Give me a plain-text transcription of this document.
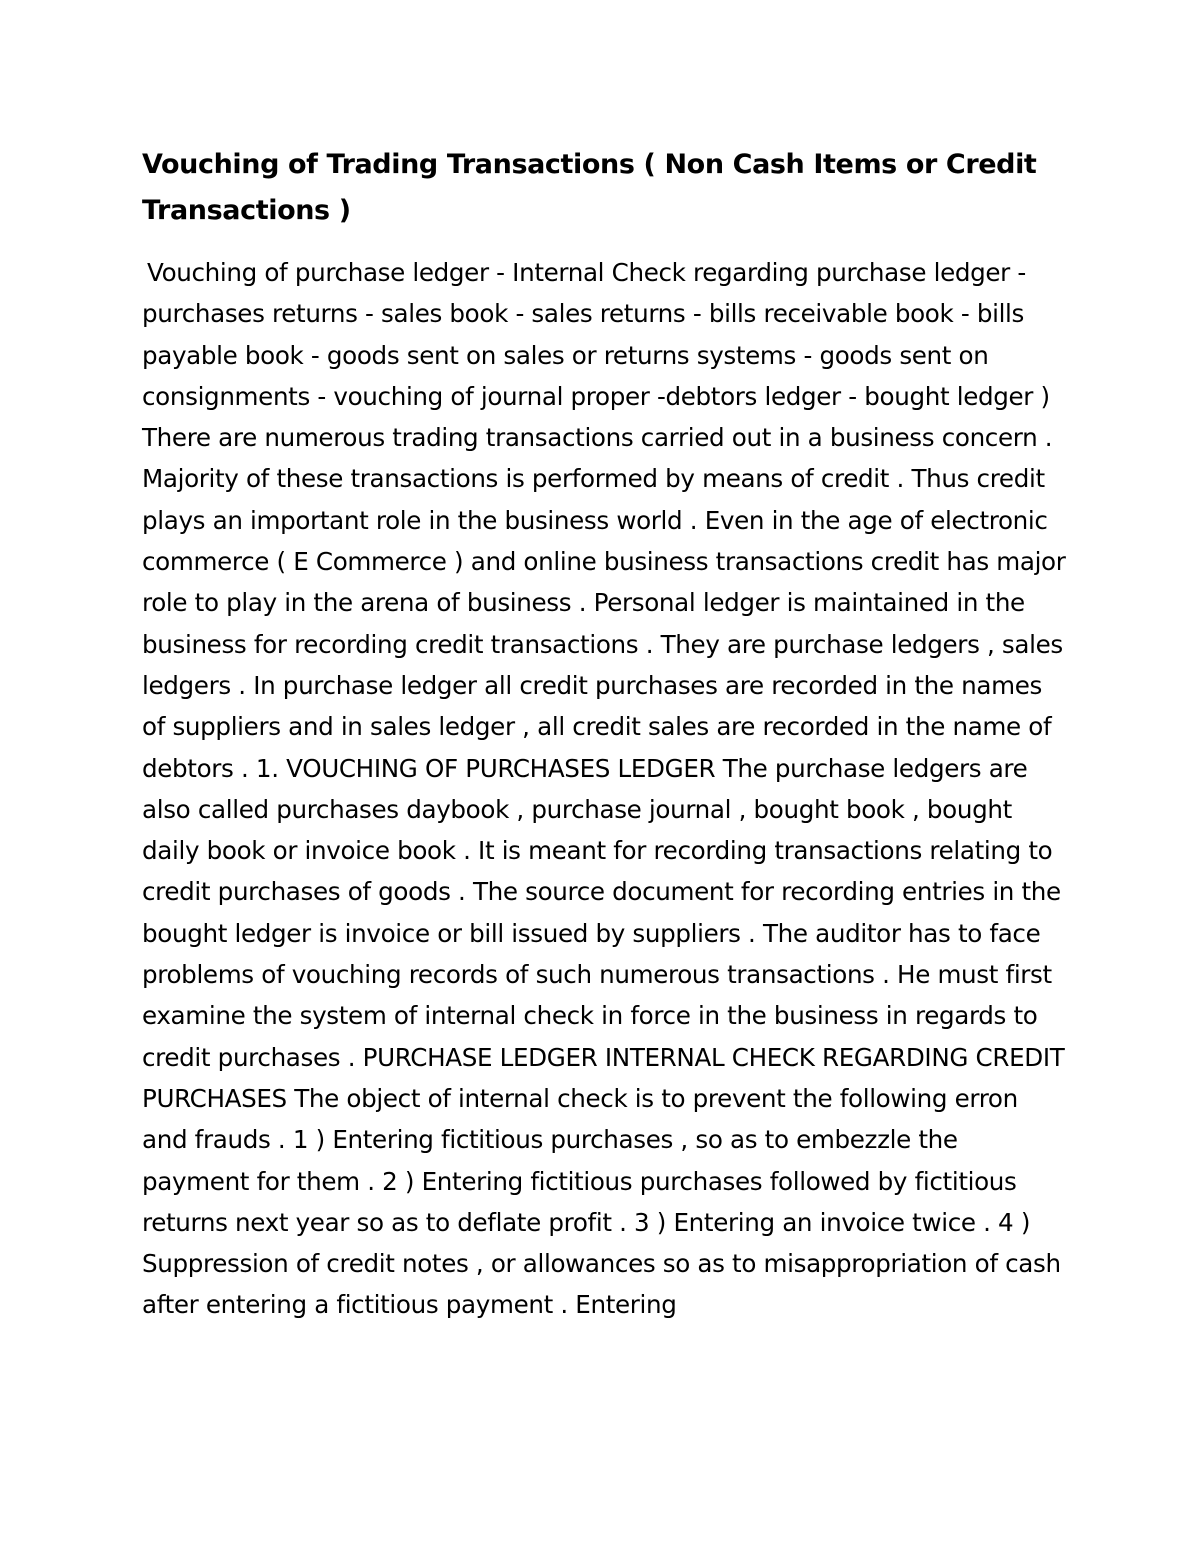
Vouching of Trading Transactions ( Non Cash Items or Credit Transactions )

Vouching of purchase ledger - Internal Check regarding purchase ledger - purchases returns - sales book - sales returns - bills receivable book - bills payable book - goods sent on sales or returns systems - goods sent on consignments - vouching of journal proper -debtors ledger - bought ledger ) There are numerous trading transactions carried out in a business concern . Majority of these transactions is performed by means of credit . Thus credit plays an important role in the business world . Even in the age of electronic commerce ( E Commerce ) and online business transactions credit has major role to play in the arena of business . Personal ledger is maintained in the business for recording credit transactions . They are purchase ledgers , sales ledgers . In purchase ledger all credit purchases are recorded in the names of suppliers and in sales ledger , all credit sales are recorded in the name of debtors . 1. VOUCHING OF PURCHASES LEDGER The purchase ledgers are also called purchases daybook , purchase journal , bought book , bought daily book or invoice book . It is meant for recording transactions relating to credit purchases of goods . The source document for recording entries in the bought ledger is invoice or bill issued by suppliers . The auditor has to face problems of vouching records of such numerous transactions . He must first examine the system of internal check in force in the business in regards to credit purchases . PURCHASE LEDGER INTERNAL CHECK REGARDING CREDIT PURCHASES The object of internal check is to prevent the following erron and frauds . 1 ) Entering fictitious purchases , so as to embezzle the payment for them . 2 ) Entering fictitious purchases followed by fictitious returns next year so as to deflate profit . 3 ) Entering an invoice twice . 4 ) Suppression of credit notes , or allowances so as to misappropriation of cash after entering a fictitious payment . Entering
